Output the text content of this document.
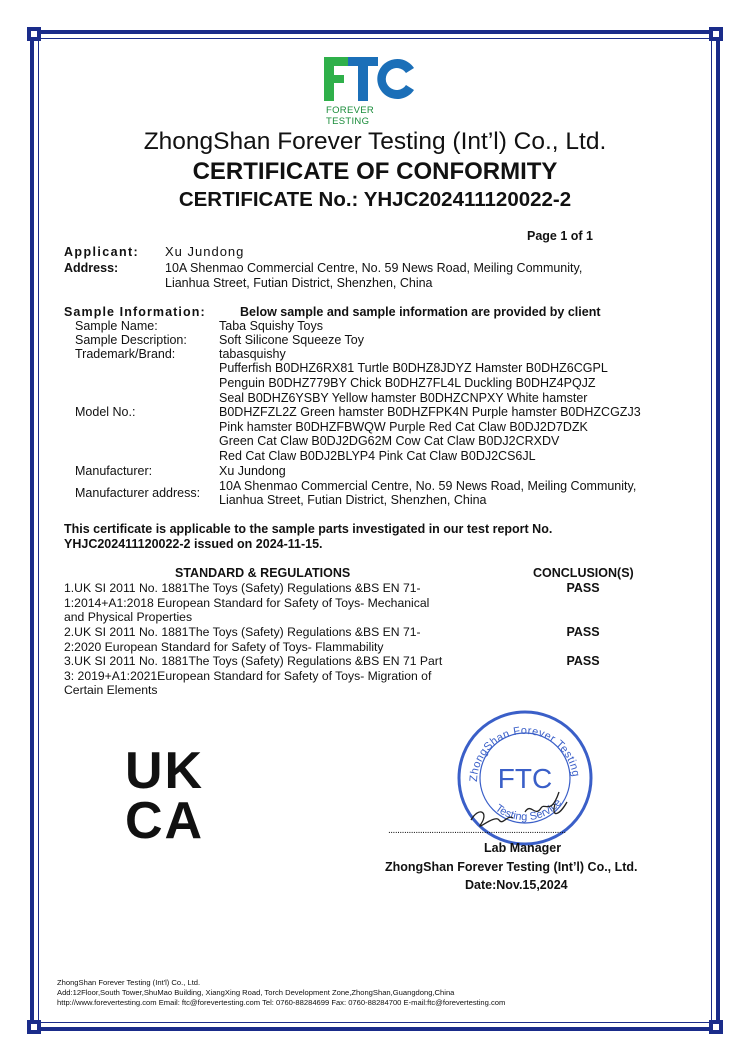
FOREVER TESTING
ZhongShan Forever Testing (Int’l) Co., Ltd.
CERTIFICATE OF CONFORMITY
CERTIFICATE No.: YHJC202411120022-2
Page 1 of 1
Applicant: Xu Jundong
Address:	10A Shenmao Commercial Centre, No. 59 News Road, Meiling Community,
Lianhua Street, Futian District, Shenzhen, China
Sample Information:	Below sample and sample information are provided by client
Sample Name:	Taba Squishy Toys
Sample Description:	Soft Silicone Squeeze Toy
Trademark/Brand:	tabasquishy
Pufferfish B0DHZ6RX81 Turtle B0DHZ8JDYZ Hamster B0DHZ6CGPL
Penguin B0DHZ779BY Chick B0DHZ7FL4L Duckling B0DHZ4PQJZ
Seal B0DHZ6YSBY Yellow hamster B0DHZCNPXY White hamster
Model No.:	B0DHZFZL2Z Green hamster B0DHZFPK4N Purple hamster B0DHZCGZJ3
Pink hamster B0DHZFBWQW Purple Red Cat Claw B0DJ2D7DZK
Green Cat Claw B0DJ2DG62M Cow Cat Claw B0DJ2CRXDV
Red Cat Claw B0DJ2BLYP4 Pink Cat Claw B0DJ2CS6JL
Manufacturer:	Xu Jundong
Manufacturer address: 10A Shenmao Commercial Centre, No. 59 News Road, Meiling Community,
Lianhua Street, Futian District, Shenzhen, China
This certificate is applicable to the sample parts investigated in our test report No.
YHJC202411120022-2 issued on 2024-11-15.
STANDARD & REGULATIONS	CONCLUSION(S)
1.UK SI 2011 No. 1881The Toys (Safety) Regulations &BS EN 71-
1:2014+A1:2018 European Standard for Safety of Toys- Mechanical
and Physical Properties
PASS
2.UK SI 2011 No. 1881The Toys (Safety) Regulations &BS EN 71-
2:2020 European Standard for Safety of Toys- Flammability
PASS
3.UK SI 2011 No. 1881The Toys (Safety) Regulations &BS EN 71 Part
3: 2019+A1:2021European Standard for Safety of Toys- Migration of
Certain Elements
PASS
UK
CA
ZhongShan Forever Testing
Testing Service
FTC
..............................................................................
Lab Manager
ZhongShan Forever Testing (Int’l) Co., Ltd.
Date:Nov.15,2024
ZhongShan Forever Testing (Int'l) Co., Ltd.
Add:12Floor,South Tower,ShuMao Building, XiangXing Road, Torch Development Zone,ZhongShan,Guangdong,China
http://www.forevertesting.com Email: ftc@forevertesting.com Tel: 0760-88284699 Fax: 0760-88284700 E-mail:ftc@forevertesting.com
